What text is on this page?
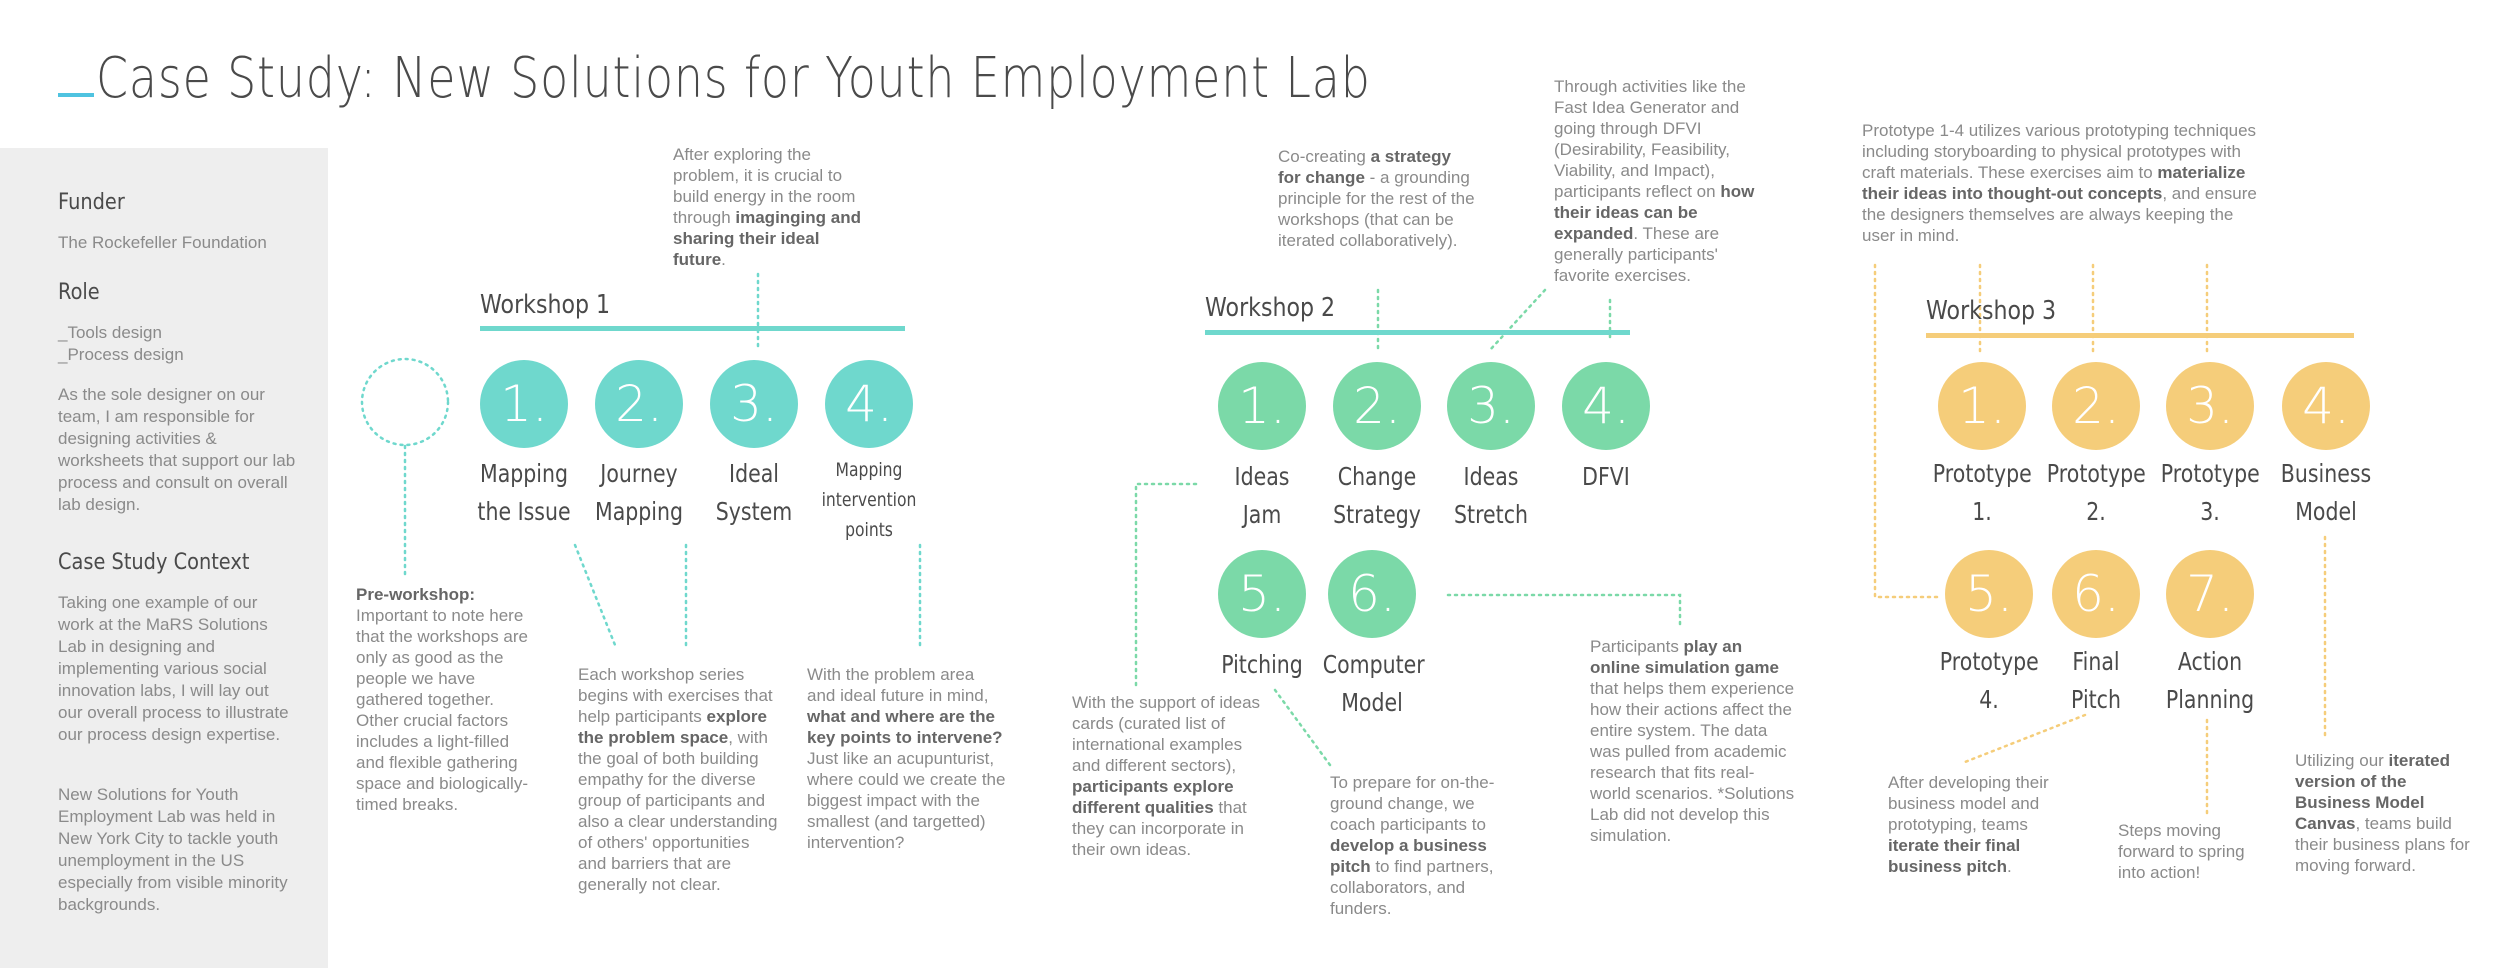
Case Study: New Solutions for Youth Employment Lab
Funder
The Rockefeller Foundation
Role
_Tools design
_Process design
As the sole designer on our team, I am responsible for designing activities & worksheets that support our lab process and consult on overall lab design.
Case Study Context
Taking one example of our work at the MaRS Solutions Lab in designing and implementing various social innovation labs, I will lay out our overall process to illustrate our process design expertise.
New Solutions for Youth Employment Lab was held in New York City to tackle youth unemployment in the US especially from visible minority backgrounds.
Pre-workshop:
Important to note here that the workshops are only as good as the people we have gathered together. Other crucial factors includes a light-filled and flexible gathering space and biologically-timed breaks.
Workshop 1
1.	2.	3.	4.
Mapping
the Issue
Journey
Mapping
Ideal
System
Mapping
intervention
points
After exploring the problem, it is crucial to build energy in the room through imaginging and sharing their ideal future.
Each workshop series begins with exercises that help participants explore the problem space, with the goal of both building empathy for the diverse group of participants and also a clear understanding of others' opportunities and barriers that are generally not clear.
With the problem area and ideal future in mind, what and where are the key points to intervene? Just like an acupunturist, where could we create the biggest impact with the smallest (and targetted) intervention?
Workshop 2
1.	2.	3.	4.
5.	6.
Ideas
Jam
Change
Strategy
Ideas
Stretch
DFVI
Pitching Computer
Model
Co-creating a strategy for change - a grounding principle for the rest of the workshops (that can be iterated collaboratively).
Through activities like the Fast Idea Generator and going through DFVI (Desirability, Feasibility, Viability, and Impact), participants reflect on how their ideas can be expanded. These are generally participants' favorite exercises.
With the support of ideas cards (curated list of international examples and different sectors), participants explore different qualities that they can incorporate in their own ideas.
To prepare for on-the-ground change, we coach participants to develop a business pitch to find partners, collaborators, and funders.
Participants play an online simulation game that helps them experience how their actions affect the entire system. The data was pulled from academic research that fits real-world scenarios. *Solutions Lab did not develop this simulation.
Workshop 3
1.	2.	3.	4.
5.	6.	7.
Prototype
1.
Prototype
2.
Prototype
3.
Business
Model
Prototype
4.
Final
Pitch
Action
Planning
Prototype 1-4 utilizes various prototyping techniques including storyboarding to physical prototypes with craft materials. These exercises aim to materialize their ideas into thought-out concepts, and ensure the designers themselves are always keeping the user in mind.
After developing their business model and prototyping, teams iterate their final business pitch.
Steps moving forward to spring into action!
Utilizing our iterated version of the Business Model Canvas, teams build their business plans for moving forward.
